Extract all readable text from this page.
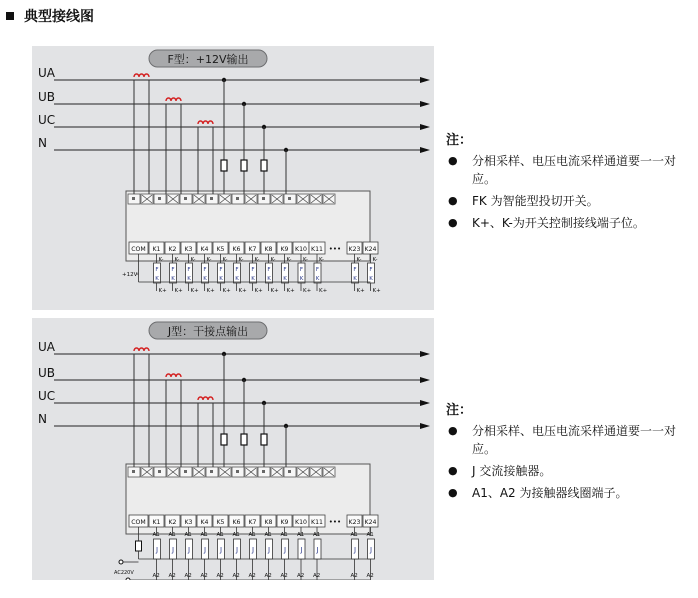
典型接线图
F型：+12V输出
UA
UB
UC
N
COM K1 K2 K3 K4 K5 K6 K7 K8 K9 K10 K11	K23 K24
•••
+12V
K-
F
K
K+
K-
F
K
K+
K-
F
K
K+
K-
F
K
K+
K-
F
K
K+
K-
F
K
K+
K-
F
K
K+
K-
F
K
K+
K-
F
K
K+
K-
F
K
K+
K-
F
K
K+
K-
F
K
K+
K-
F
K
K+
注：
● 分相采样、电压电流采样通道要一一对应。
● FK 为智能型投切开关。
● K+、K-为开关控制接线端子位。
J型：干接点输出
UA
UB
UC
N
COM K1 K2 K3 K4 K5 K6 K7 K8 K9 K10 K11	K23 K24
•••
AC220V
A1
J
A2
A1
J
A2
A1
J
A2
A1
J
A2
A1
J
A2
A1
J
A2
A1
J
A2
A1
J
A2
A1
J
A2
A1
J
A2
A1
J
A2
A1
J
A2
A1
J
A2
注：
● 分相采样、电压电流采样通道要一一对应。
● J 交流接触器。
● A1、A2 为接触器线圈端子。
